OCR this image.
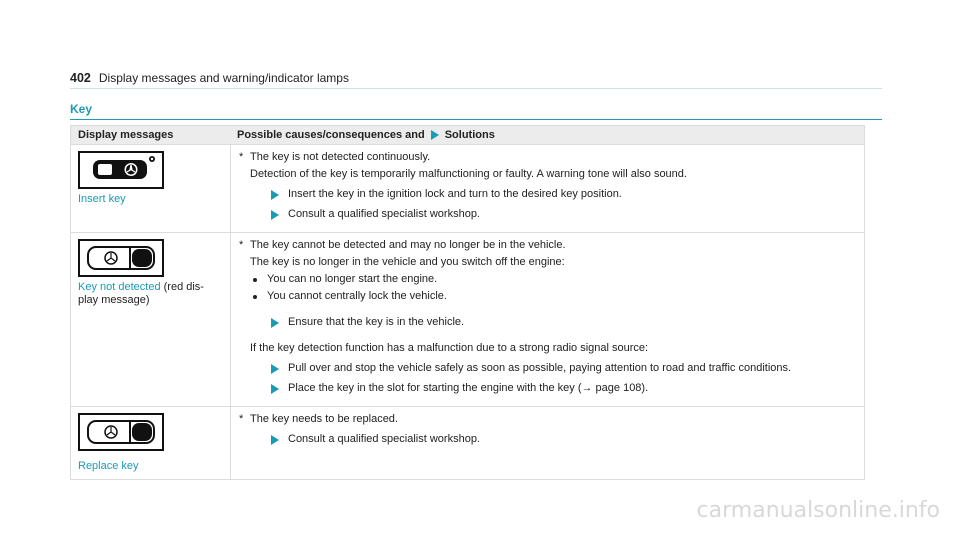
402 Display messages and warning/indicator lamps
Key
Display messages	Possible causes/consequences and Solutions
Insert key
* The key is not detected continuously.
Detection of the key is temporarily malfunctioning or faulty. A warning tone will also sound.
Insert the key in the ignition lock and turn to the desired key position.
Consult a qualified specialist workshop.
Key not detected (red dis-
play message)
* The key cannot be detected and may no longer be in the vehicle.
The key is no longer in the vehicle and you switch off the engine:
You can no longer start the engine.
You cannot centrally lock the vehicle.
Ensure that the key is in the vehicle.
If the key detection function has a malfunction due to a strong radio signal source:
Pull over and stop the vehicle safely as soon as possible, paying attention to road and traffic conditions.
Place the key in the slot for starting the engine with the key (→ page 108).
Replace key
* The key needs to be replaced.
Consult a qualified specialist workshop.
carmanualsonline.info
